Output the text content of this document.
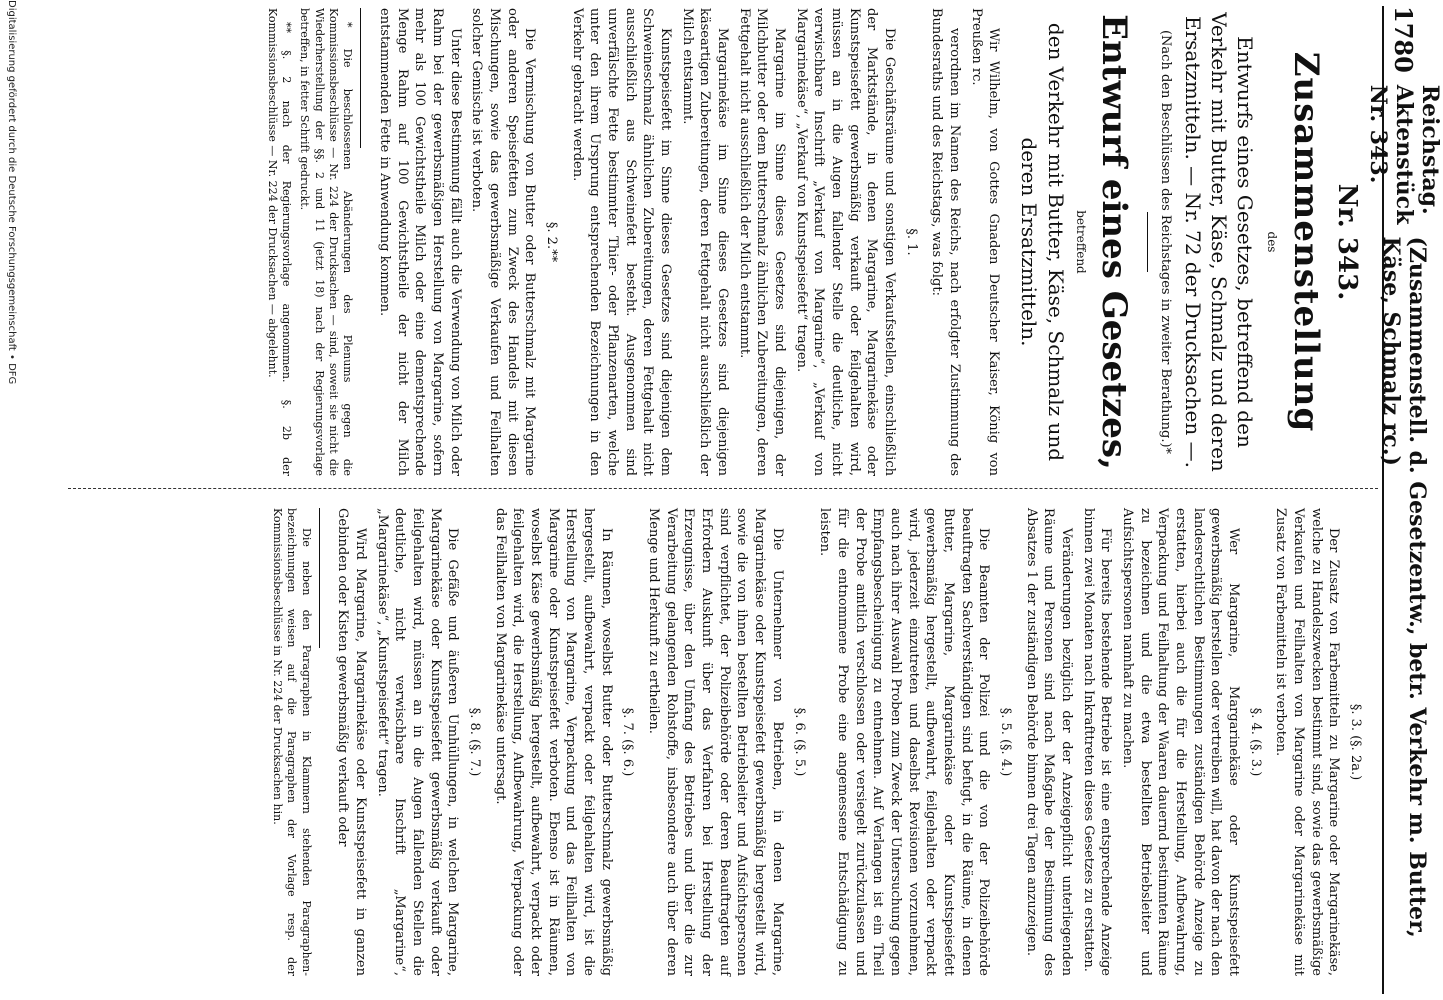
Digitalisierung gefördert durch die Deutsche Forschungsgemeinschaft • DFG	1780
Reichstag. Aktenstück Nr. 343.
(Zusammenstell. d. Gesetzentw., betr. Verkehr m. Butter, Käse, Schmalz rc.)
Nr. 343.
Zusammenstellung
des
Entwurfs eines Gesetzes, betreffend den Verkehr mit Butter, Käse, Schmalz und deren Ersatzmitteln. — Nr. 72 der Drucksachen —.
(Nach den Beschlüssen des Reichstages in zweiter Berathung.)*
Entwurf eines Gesetzes,
betreffend
den Verkehr mit Butter, Käse, Schmalz und deren Ersatzmitteln.

Wir Wilhelm, von Gottes Gnaden Deutscher Kaiser, König von Preußen rc.

verordnen im Namen des Reichs, nach erfolgter Zustimmung des Bundesraths und des Reichstags, was folgt:

§. 1.

Die Geschäftsräume und sonstigen Verkaufsstellen, einschließlich der Marktstände, in denen Margarine, Margarinekäse oder Kunstspeisefett gewerbsmäßig verkauft oder feilgehalten wird, müssen an in die Augen fallender Stelle die deutliche, nicht verwischbare Inschrift „Verkauf von Margarine“, „Verkauf von Margarinekäse“, „Verkauf von Kunstspeisefett“ tragen.

Margarine im Sinne dieses Gesetzes sind diejenigen, der Milchbutter oder dem Butterschmalz ähnlichen Zubereitungen, deren Fettgehalt nicht ausschließlich der Milch entstammt.

Margarinekäse im Sinne dieses Gesetzes sind diejenigen käseartigen Zubereitungen, deren Fettgehalt nicht ausschließlich der Milch entstammt.

Kunstspeisefett im Sinne dieses Gesetzes sind diejenigen dem Schweineschmalz ähnlichen Zubereitungen, deren Fettgehalt nicht ausschließlich aus Schweinefett besteht. Ausgenommen sind unverfälschte Fette bestimmter Thier- oder Pflanzenarten, welche unter den ihrem Ursprung entsprechenden Bezeichnungen in den Verkehr gebracht werden.

§. 2.**

Die Vermischung von Butter oder Butterschmalz mit Margarine oder anderen Speisefetten zum Zweck des Handels mit diesen Mischungen, sowie das gewerbsmäßige Verkaufen und Feilhalten solcher Gemische ist verboten.

Unter diese Bestimmung fällt auch die Verwendung von Milch oder Rahm bei der gewerbsmäßigen Herstellung von Margarine, sofern mehr als 100 Gewichtstheile Milch oder eine dementsprechende Menge Rahm auf 100 Gewichtstheile der nicht der Milch entstammenden Fette in Anwendung kommen.

* Die beschlossenen Abänderungen des Plenums gegen die Kommissionsbeschlüsse — Nr. 224 der Drucksachen — sind, soweit sie nicht die Wiederherstellung der §§. 2 und 11 (jetzt 18) nach der Regierungsvorlage betreffen, in fetter Schrift gedruckt.

** §. 2 nach der Regierungsvorlage angenommen. §. 2b der Kommissionsbeschlüsse — Nr. 224 der Drucksachen — abgelehnt.

§. 3. (§. 2a.)

Der Zusatz von Farbemitteln zu Margarine oder Margarinekäse, welche zu Handelszwecken bestimmt sind, sowie das gewerbsmäßige Verkaufen und Feilhalten von Margarine oder Margarinekäse mit Zusatz von Farbemitteln ist verboten.

§. 4. (§. 3.)

Wer Margarine, Margarinekäse oder Kunstspeisefett gewerbsmäßig herstellen oder vertreiben will, hat davon der nach den landesrechtlichen Bestimmungen zuständigen Behörde Anzeige zu erstatten, hierbei auch die für die Herstellung, Aufbewahrung, Verpackung und Feilhaltung der Waaren dauernd bestimmten Räume zu bezeichnen und die etwa bestellten Betriebsleiter und Aufsichtspersonen namhaft zu machen.

Für bereits bestehende Betriebe ist eine entsprechende Anzeige binnen zwei Monaten nach Inkrafttreten dieses Gesetzes zu erstatten.

Veränderungen bezüglich der der Anzeigepflicht unterliegenden Räume und Personen sind nach Maßgabe der Bestimmung des Absatzes 1 der zuständigen Behörde binnen drei Tagen anzuzeigen.

§. 5. (§. 4.)

Die Beamten der Polizei und die von der Polizeibehörde beauftragten Sachverständigen sind befugt, in die Räume, in denen Butter, Margarine, Margarinekäse oder Kunstspeisefett gewerbsmäßig hergestellt, aufbewahrt, feilgehalten oder verpackt wird, jederzeit einzutreten und daselbst Revisionen vorzunehmen, auch nach ihrer Auswahl Proben zum Zweck der Untersuchung gegen Empfangsbescheinigung zu entnehmen. Auf Verlangen ist ein Theil der Probe amtlich verschlossen oder versiegelt zurückzulassen und für die entnommene Probe eine angemessene Entschädigung zu leisten.

§. 6. (§. 5.)

Die Unternehmer von Betrieben, in denen Margarine, Margarinekäse oder Kunstspeisefett gewerbsmäßig hergestellt wird, sowie die von ihnen bestellten Betriebsleiter und Aufsichtspersonen sind verpflichtet, der Polizeibehörde oder deren Beauftragten auf Erfordern Auskunft über das Verfahren bei Herstellung der Erzeugnisse, über den Umfang des Betriebes und über die zur Verarbeitung gelangenden Rohstoffe, insbesondere auch über deren Menge und Herkunft zu ertheilen.

§. 7. (§. 6.)

In Räumen, woselbst Butter oder Butterschmalz gewerbsmäßig hergestellt, aufbewahrt, verpackt oder feilgehalten wird, ist die Herstellung von Margarine, Verpackung und das Feilhalten von Margarine oder Kunstspeisefett verboten. Ebenso ist in Räumen, woselbst Käse gewerbsmäßig hergestellt, aufbewahrt, verpackt oder feilgehalten wird, die Herstellung, Aufbewahrung, Verpackung oder das Feilhalten von Margarinekäse untersagt.

§. 8. (§. 7.)

Die Gefäße und äußeren Umhüllungen, in welchen Margarine, Margarinekäse oder Kunstspeisefett gewerbsmäßig verkauft oder feilgehalten wird, müssen an in die Augen fallenden Stellen die deutliche, nicht verwischbare Inschrift „Margarine“, „Margarinekäse“, „Kunstspeisefett“ tragen.

Wird Margarine, Margarinekäse oder Kunstspeisefett in ganzen Gebinden oder Kisten gewerbsmäßig verkauft oder

Die neben den Paragraphen in Klammern stehenden Paragraphen-bezeichnungen weisen auf die Paragraphen der Vorlage resp. der Kommissionsbeschlüsse in Nr. 224 der Drucksachen hin.
